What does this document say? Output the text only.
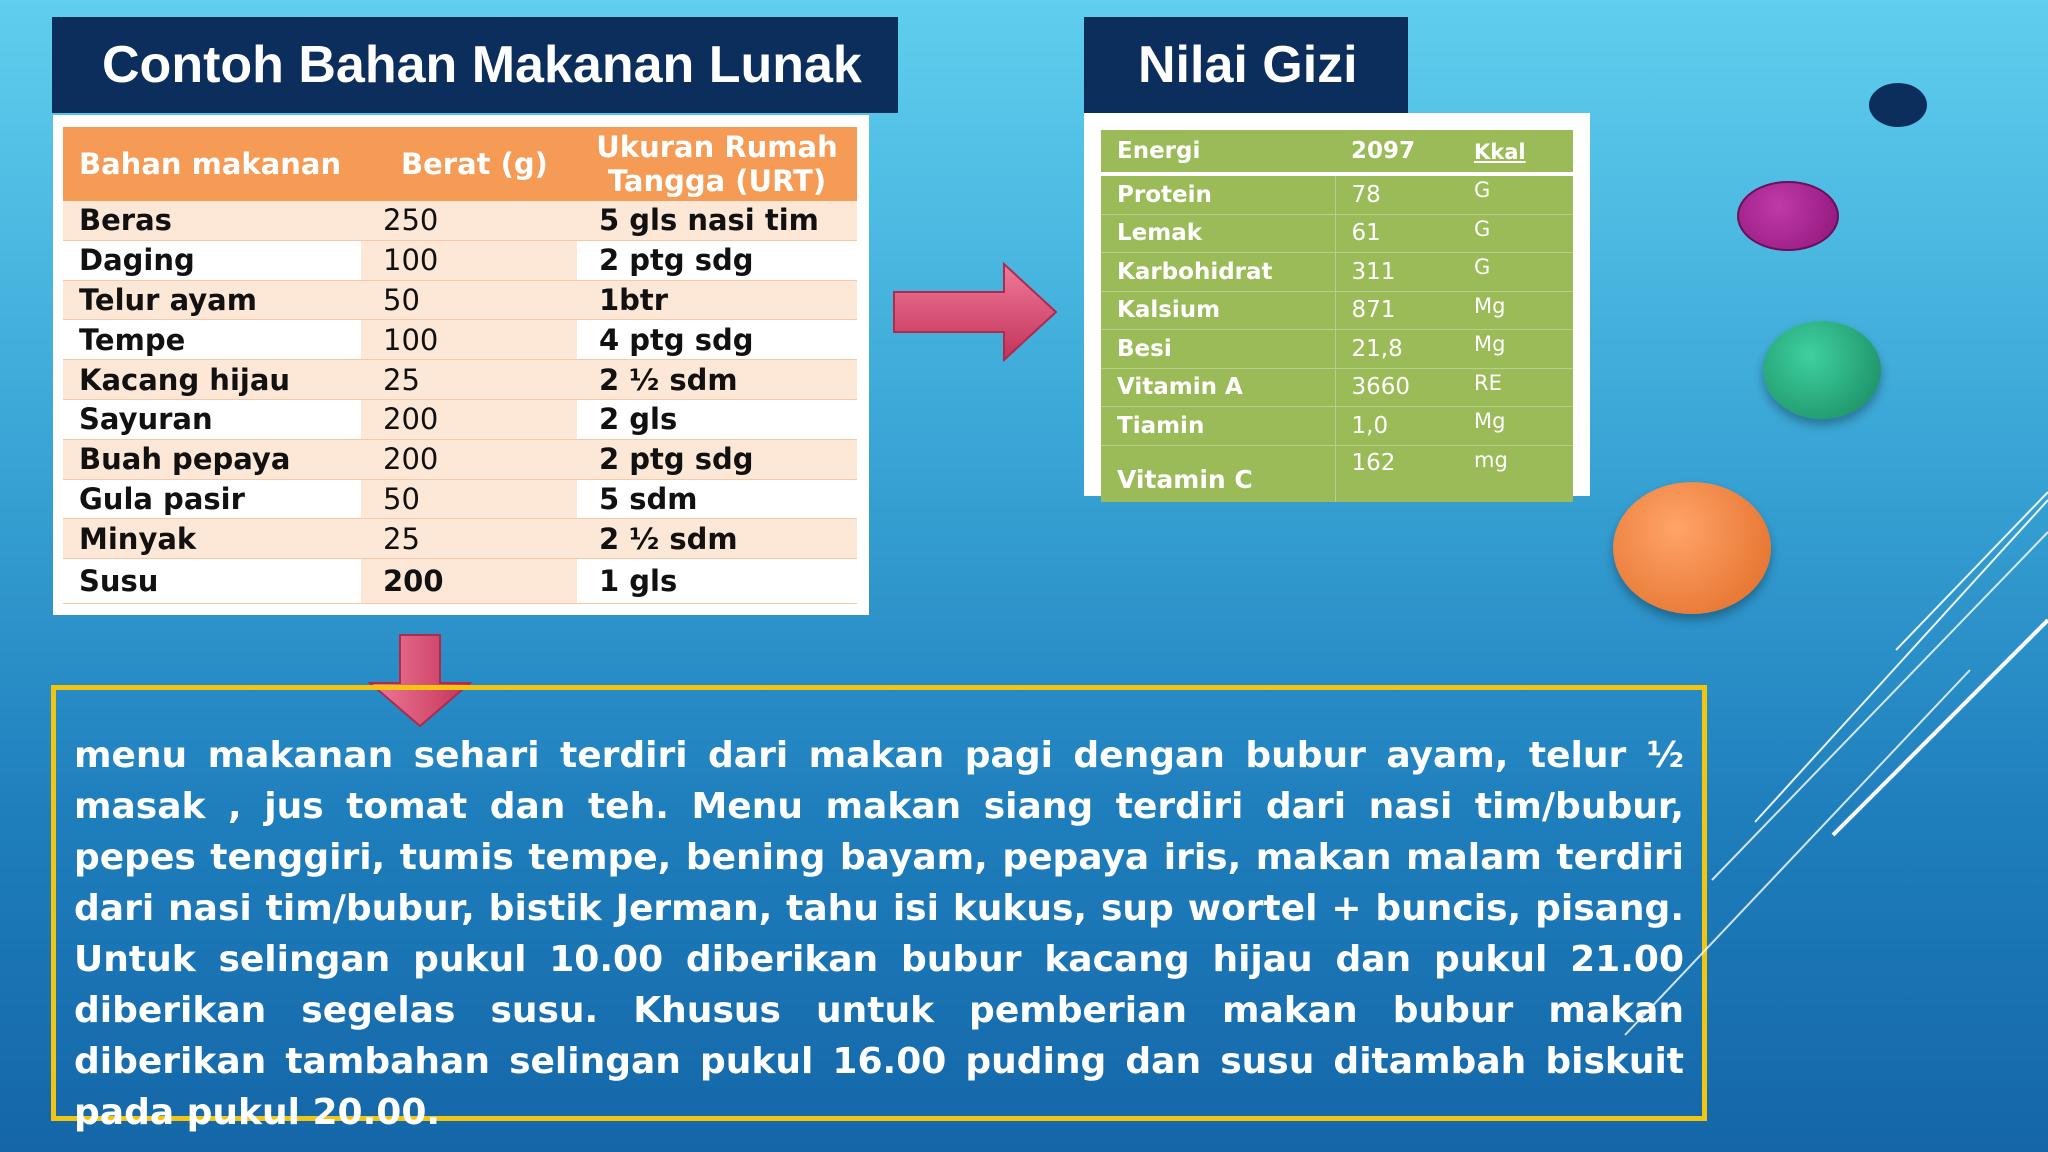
Contoh Bahan Makanan Lunak	Nilai Gizi
Bahan makanan	Berat (g)	Ukuran Rumah Tangga (URT)
Beras	250	5 gls nasi tim
Daging	100	2 ptg sdg
Telur ayam	50	1btr
Tempe	100	4 ptg sdg
Kacang hijau	25	2 ½ sdm
Sayuran	200	2 gls
Buah pepaya	200	2 ptg sdg
Gula pasir	50	5 sdm
Minyak	25	2 ½ sdm
Susu	200	1 gls
Energi	2097	Kkal
Protein	78	G
Lemak	61	G
Karbohidrat	311	G
Kalsium	871	Mg
Besi	21,8	Mg
Vitamin A	3660	RE
Tiamin	1,0	Mg
Vitamin C	162	mg
menu makanan sehari terdiri dari makan pagi dengan bubur ayam, telur ½ masak , jus tomat dan teh. Menu makan siang terdiri dari nasi tim/bubur, pepes tenggiri, tumis tempe, bening bayam, pepaya iris, makan malam terdiri dari nasi tim/bubur, bistik Jerman, tahu isi kukus, sup wortel + buncis, pisang. Untuk selingan pukul 10.00 diberikan bubur kacang hijau dan pukul 21.00 diberikan segelas susu. Khusus untuk pemberian makan bubur makan diberikan tambahan selingan pukul 16.00 puding dan susu ditambah biskuit pada pukul 20.00.
